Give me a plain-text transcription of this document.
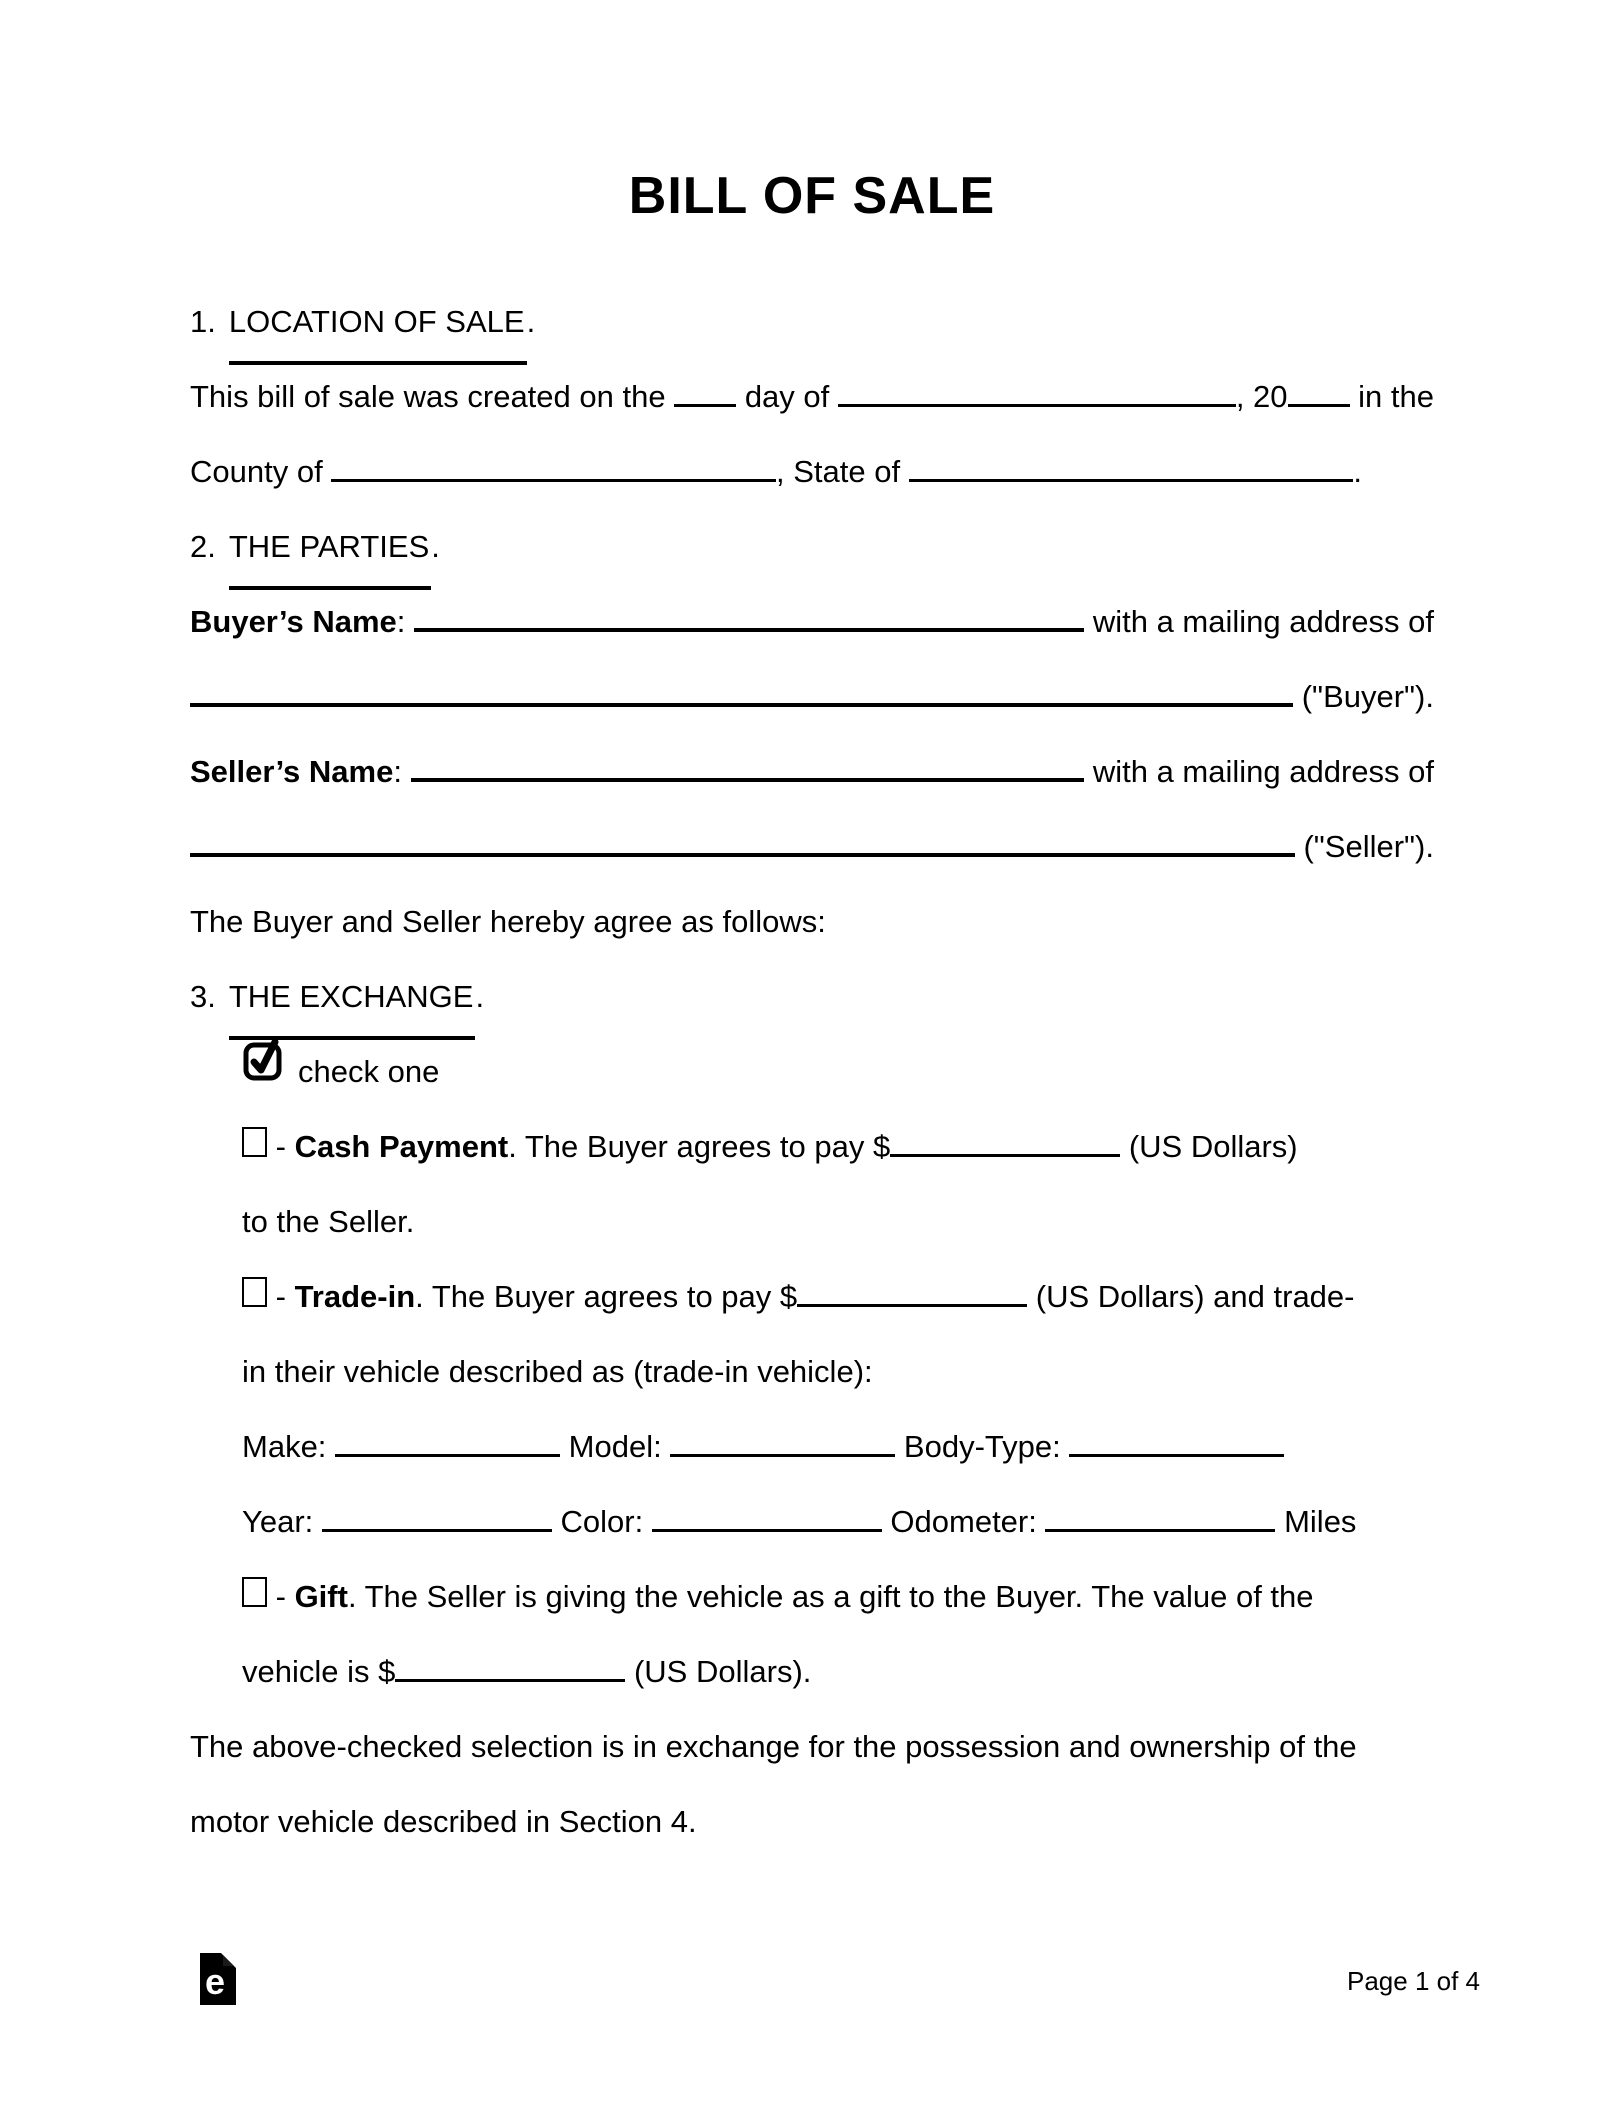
BILL OF SALE
1. LOCATION OF SALE .
This bill of sale was created on the day of	, 20 in the
County of	, State of	.
2. THE PARTIES .
Buyer’s Name :	with a mailing address of
("Buyer").
Seller’s Name :	with a mailing address of
("Seller").
The Buyer and Seller hereby agree as follows:
3. THE EXCHANGE .
check one
- Cash Payment . The Buyer agrees to pay $	(US Dollars)
to the Seller.
- Trade-in . The Buyer agrees to pay $	(US Dollars) and trade-
in their vehicle described as (trade-in vehicle):
Make:	Model:	Body-Type:
Year:	Color:	Odometer:	Miles
- Gift . The Seller is giving the vehicle as a gift to the Buyer. The value of the
vehicle is $	(US Dollars).
The above-checked selection is in exchange for the possession and ownership of the
motor vehicle described in Section 4.
e	Page 1 of 4
